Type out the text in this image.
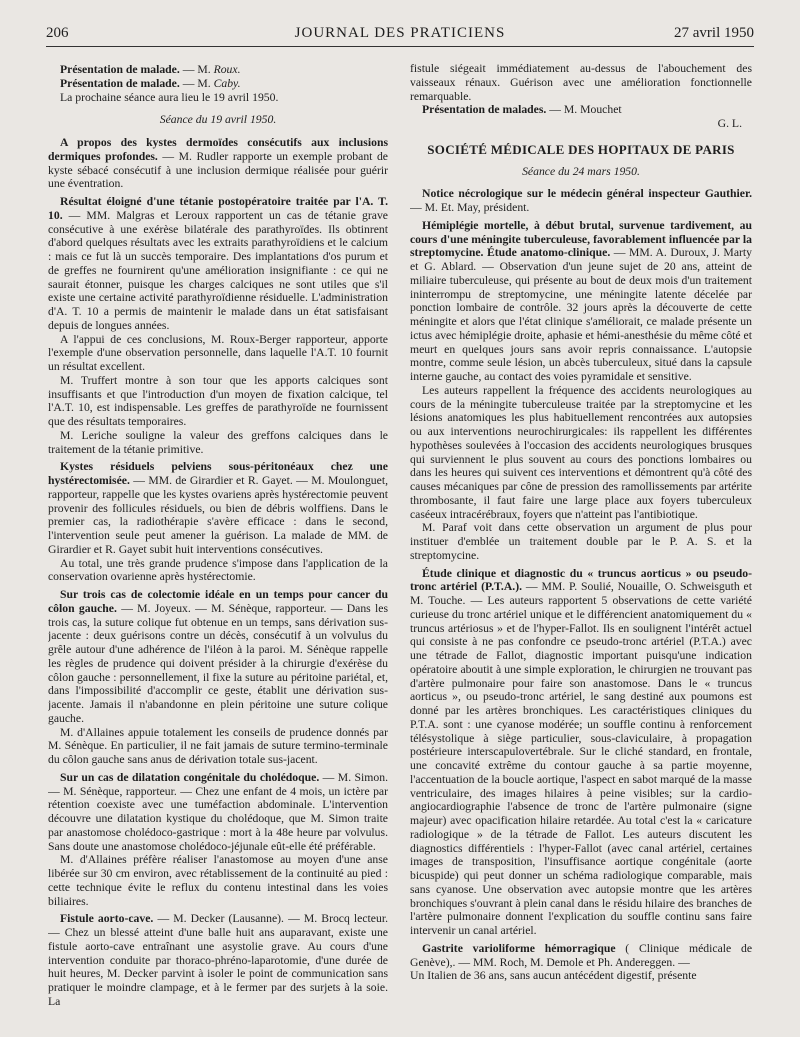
206	JOURNAL DES PRATICIENS	27 avril 1950

Présentation de malade. — M. Roux.

Présentation de malade. — M. Caby.

La prochaine séance aura lieu le 19 avril 1950.

Séance du 19 avril 1950.

A propos des kystes dermoïdes consécutifs aux inclusions dermiques profondes. — M. Rudler rapporte un exemple probant de kyste sébacé consécutif à une inclusion dermique réalisée pour guérir une éventration.

Résultat éloigné d'une tétanie postopératoire traitée par l'A. T. 10. — MM. Malgras et Leroux rapportent un cas de tétanie grave consécutive à une exérèse bilatérale des parathyroïdes. Ils obtinrent d'abord quelques résultats avec les extraits parathyroïdiens et le calcium : mais ce fut là un succès temporaire. Des implantations d'os purum et de greffes ne fournirent qu'une amélioration insignifiante : ce qui ne saurait étonner, puisque les charges calciques ne sont utiles que s'il existe une certaine activité parathyroïdienne résiduelle. L'administration d'A. T. 10 a permis de maintenir le malade dans un état satisfaisant depuis de longues années.

A l'appui de ces conclusions, M. Roux-Berger rapporteur, apporte l'exemple d'une observation personnelle, dans laquelle l'A.T. 10 fournit un résultat excellent.

M. Truffert montre à son tour que les apports calciques sont insuffisants et que l'introduction d'un moyen de fixation calcique, tel l'A.T. 10, est indispensable. Les greffes de parathyroïde ne fournissent que des résultats temporaires.

M. Leriche souligne la valeur des greffons calciques dans le traitement de la tétanie primitive.

Kystes résiduels pelviens sous-péritonéaux chez une hystérectomisée. — MM. de Girardier et R. Gayet. — M. Moulonguet, rapporteur, rappelle que les kystes ovariens après hystérectomie peuvent provenir des follicules résiduels, ou bien de débris wolffiens. Dans le premier cas, la radiothérapie s'avère efficace : dans le second, l'intervention seule peut amener la guérison. La malade de MM. de Girardier et R. Gayet subit huit interventions consécutives.

Au total, une très grande prudence s'impose dans l'application de la conservation ovarienne après hystérectomie.

Sur trois cas de colectomie idéale en un temps pour cancer du côlon gauche. — M. Joyeux. — M. Sénèque, rapporteur. — Dans les trois cas, la suture colique fut obtenue en un temps, sans dérivation sus-jacente : deux guérisons contre un décès, consécutif à un volvulus du grêle autour d'une adhérence de l'iléon à la paroi. M. Sénèque rappelle les règles de prudence qui doivent présider à la chirurgie d'exérèse du côlon gauche : personnellement, il fixe la suture au péritoine pariétal, et, dans l'impossibilité d'accomplir ce geste, établit une dérivation sus-jacente. Jamais il n'abandonne en plein péritoine une suture colique gauche.

M. d'Allaines appuie totalement les conseils de prudence donnés par M. Sénèque. En particulier, il ne fait jamais de suture termino-terminale du côlon gauche sans anus de dérivation totale sus-jacent.

Sur un cas de dilatation congénitale du cholédoque. — M. Simon. — M. Sénèque, rapporteur. — Chez une enfant de 4 mois, un ictère par rétention coexiste avec une tuméfaction abdominale. L'intervention découvre une dilatation kystique du cholédoque, que M. Simon traite par anastomose cholédoco-gastrique : mort à la 48e heure par volvulus. Sans doute une anastomose cholédoco-jéjunale eût-elle été préférable.

M. d'Allaines préfère réaliser l'anastomose au moyen d'une anse libérée sur 30 cm environ, avec rétablissement de la continuité au pied : cette technique évite le reflux du contenu intestinal dans les voies biliaires.

Fistule aorto-cave. — M. Decker (Lausanne). — M. Brocq lecteur. — Chez un blessé atteint d'une balle huit ans auparavant, existe une fistule aorto-cave entraînant une asystolie grave. Au cours d'une intervention conduite par thoraco-phréno-laparotomie, d'une durée de huit heures, M. Decker parvint à isoler le point de communication sans pratiquer le moindre clampage, et à le fermer par des surjets à la soie. La

fistule siégeait immédiatement au-dessus de l'abouchement des vaisseaux rénaux. Guérison avec une amélioration fonctionnelle remarquable.

Présentation de malades. — M. Mouchet

G. L.

SOCIÉTÉ MÉDICALE DES HOPITAUX DE PARIS

Séance du 24 mars 1950.

Notice nécrologique sur le médecin général inspecteur Gauthier. — M. Et. May, président.

Hémiplégie mortelle, à début brutal, survenue tardivement, au cours d'une méningite tuberculeuse, favorablement influencée par la streptomycine. Étude anatomo-clinique. — MM. A. Duroux, J. Marty et G. Ablard. — Observation d'un jeune sujet de 20 ans, atteint de miliaire tuberculeuse, qui présente au bout de deux mois d'un traitement ininterrompu de streptomycine, une méningite latente décelée par ponction lombaire de contrôle. 32 jours après la découverte de cette méningite et alors que l'état clinique s'améliorait, ce malade présente un ictus avec hémiplégie droite, aphasie et hémi-anesthésie du même côté et meurt en quelques jours sans avoir repris connaissance. L'autopsie montre, comme seule lésion, un abcès tuberculeux, situé dans la capsule interne gauche, au contact des voies pyramidale et sensitive.

Les auteurs rappellent la fréquence des accidents neurologiques au cours de la méningite tuberculeuse traitée par la streptomycine et les lésions anatomiques les plus habituellement rencontrées aux autopsies ou aux interventions neurochirurgicales: ils rappellent les différentes hypothèses soulevées à l'occasion des accidents neurologiques brusques qui surviennent le plus souvent au cours des ponctions lombaires ou dans les heures qui suivent ces interventions et démontrent qu'à côté des causes mécaniques par cône de pression des ramollissements par artérite thrombosante, il faut faire une large place aux foyers tuberculeux caséeux intracérébraux, foyers que n'atteint pas l'antibiotique.

M. Paraf voit dans cette observation un argument de plus pour instituer d'emblée un traitement double par le P. A. S. et la streptomycine.

Étude clinique et diagnostic du « truncus aorticus » ou pseudo-tronc artériel (P.T.A.). — MM. P. Soulié, Nouaille, O. Schweisguth et M. Touche. — Les auteurs rapportent 5 observations de cette variété curieuse du tronc artériel unique et le différencient anatomiquement du « truncus artériosus » et de l'hyper-Fallot. Ils en soulignent l'intérêt actuel qui consiste à ne pas confondre ce pseudo-tronc artériel (P.T.A.) avec une tétrade de Fallot, diagnostic important puisqu'une indication opératoire aboutit à une simple exploration, le chirurgien ne trouvant pas d'artère pulmonaire pour faire son anastomose. Dans le « truncus aorticus », ou pseudo-tronc artériel, le sang destiné aux poumons est donné par les artères bronchiques. Les caractéristiques cliniques du P.T.A. sont : une cyanose modérée; un souffle continu à renforcement télésystolique à siège particulier, sous-claviculaire, à propagation postérieure interscapulovertébrale. Sur le cliché standard, en frontale, une concavité extrême du contour gauche à sa partie moyenne, l'accentuation de la boucle aortique, l'aspect en sabot marqué de la masse ventriculaire, des images hilaires à peine visibles; sur la cardio-angiocardiographie l'absence de tronc de l'artère pulmonaire (signe majeur) avec opacification hilaire retardée. Au total c'est la « caricature radiologique » de la tétrade de Fallot. Les auteurs discutent les diagnostics différentiels : l'hyper-Fallot (avec canal artériel, certaines images de transposition, l'insuffisance aortique congénitale (aorte bicuspide) qui peut donner un schéma radiologique comparable, mais sans cyanose. Une observation avec autopsie montre que les artères bronchiques s'ouvrant à plein canal dans le résidu hilaire des branches de l'artère pulmonaire donnent l'explication du souffle continu sans faire intervenir un canal artériel.

Gastrite varioliforme hémorragique ( Clinique médicale de Genève),. — MM. Roch, M. Demole et Ph. Andereggen. —

Un Italien de 36 ans, sans aucun antécédent digestif, présente
